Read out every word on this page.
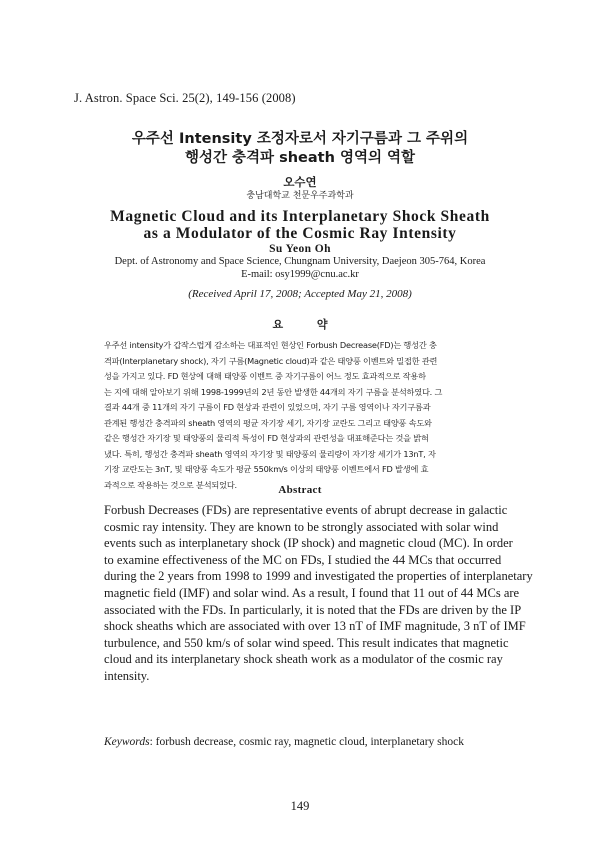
J. Astron. Space Sci. 25(2), 149-156 (2008)
우주선 Intensity 조정자로서 자기구름과 그 주위의
행성간 충격파 sheath 영역의 역할
오수연
충남대학교 천문우주과학과
Magnetic Cloud and its Interplanetary Shock Sheath
as a Modulator of the Cosmic Ray Intensity
Su Yeon Oh
Dept. of Astronomy and Space Science, Chungnam University, Daejeon 305-764, Korea
E-mail: osy1999@cnu.ac.kr
(Received April 17, 2008; Accepted May 21, 2008)
요 약
우주선 intensity가 갑작스럽게 감소하는 대표적인 현상인 Forbush Decrease(FD)는 행성간 충
격파(Interplanetary shock), 자기 구름(Magnetic cloud)과 같은 태양풍 이벤트와 밀접한 관련
성을 가지고 있다. FD 현상에 대해 태양풍 이벤트 중 자기구름이 어느 정도 효과적으로 작용하
는 지에 대해 알아보기 위해 1998-1999년의 2년 동안 발생한 44개의 자기 구름을 분석하였다. 그
결과 44개 중 11개의 자기 구름이 FD 현상과 관련이 있었으며, 자기 구름 영역이나 자기구름과
관계된 행성간 충격파의 sheath 영역의 평균 자기장 세기, 자기장 교란도 그리고 태양풍 속도와
같은 행성간 자기장 및 태양풍의 물리적 특성이 FD 현상과의 관련성을 대표해준다는 것을 밝혀
냈다. 특히, 행성간 충격파 sheath 영역의 자기장 및 태양풍의 물리량이 자기장 세기가 13nT, 자
기장 교란도는 3nT, 및 태양풍 속도가 평균 550km/s 이상의 태양풍 이벤트에서 FD 발생에 효
과적으로 작용하는 것으로 분석되었다.	Abstract
Forbush Decreases (FDs) are representative events of abrupt decrease in galactic
cosmic ray intensity. They are known to be strongly associated with solar wind
events such as interplanetary shock (IP shock) and magnetic cloud (MC). In order
to examine effectiveness of the MC on FDs, I studied the 44 MCs that occurred
during the 2 years from 1998 to 1999 and investigated the properties of interplanetary
magnetic field (IMF) and solar wind. As a result, I found that 11 out of 44 MCs are
associated with the FDs. In particularly, it is noted that the FDs are driven by the IP
shock sheaths which are associated with over 13 nT of IMF magnitude, 3 nT of IMF
turbulence, and 550 km/s of solar wind speed. This result indicates that magnetic
cloud and its interplanetary shock sheath work as a modulator of the cosmic ray
intensity.
Keywords: forbush decrease, cosmic ray, magnetic cloud, interplanetary shock
149
